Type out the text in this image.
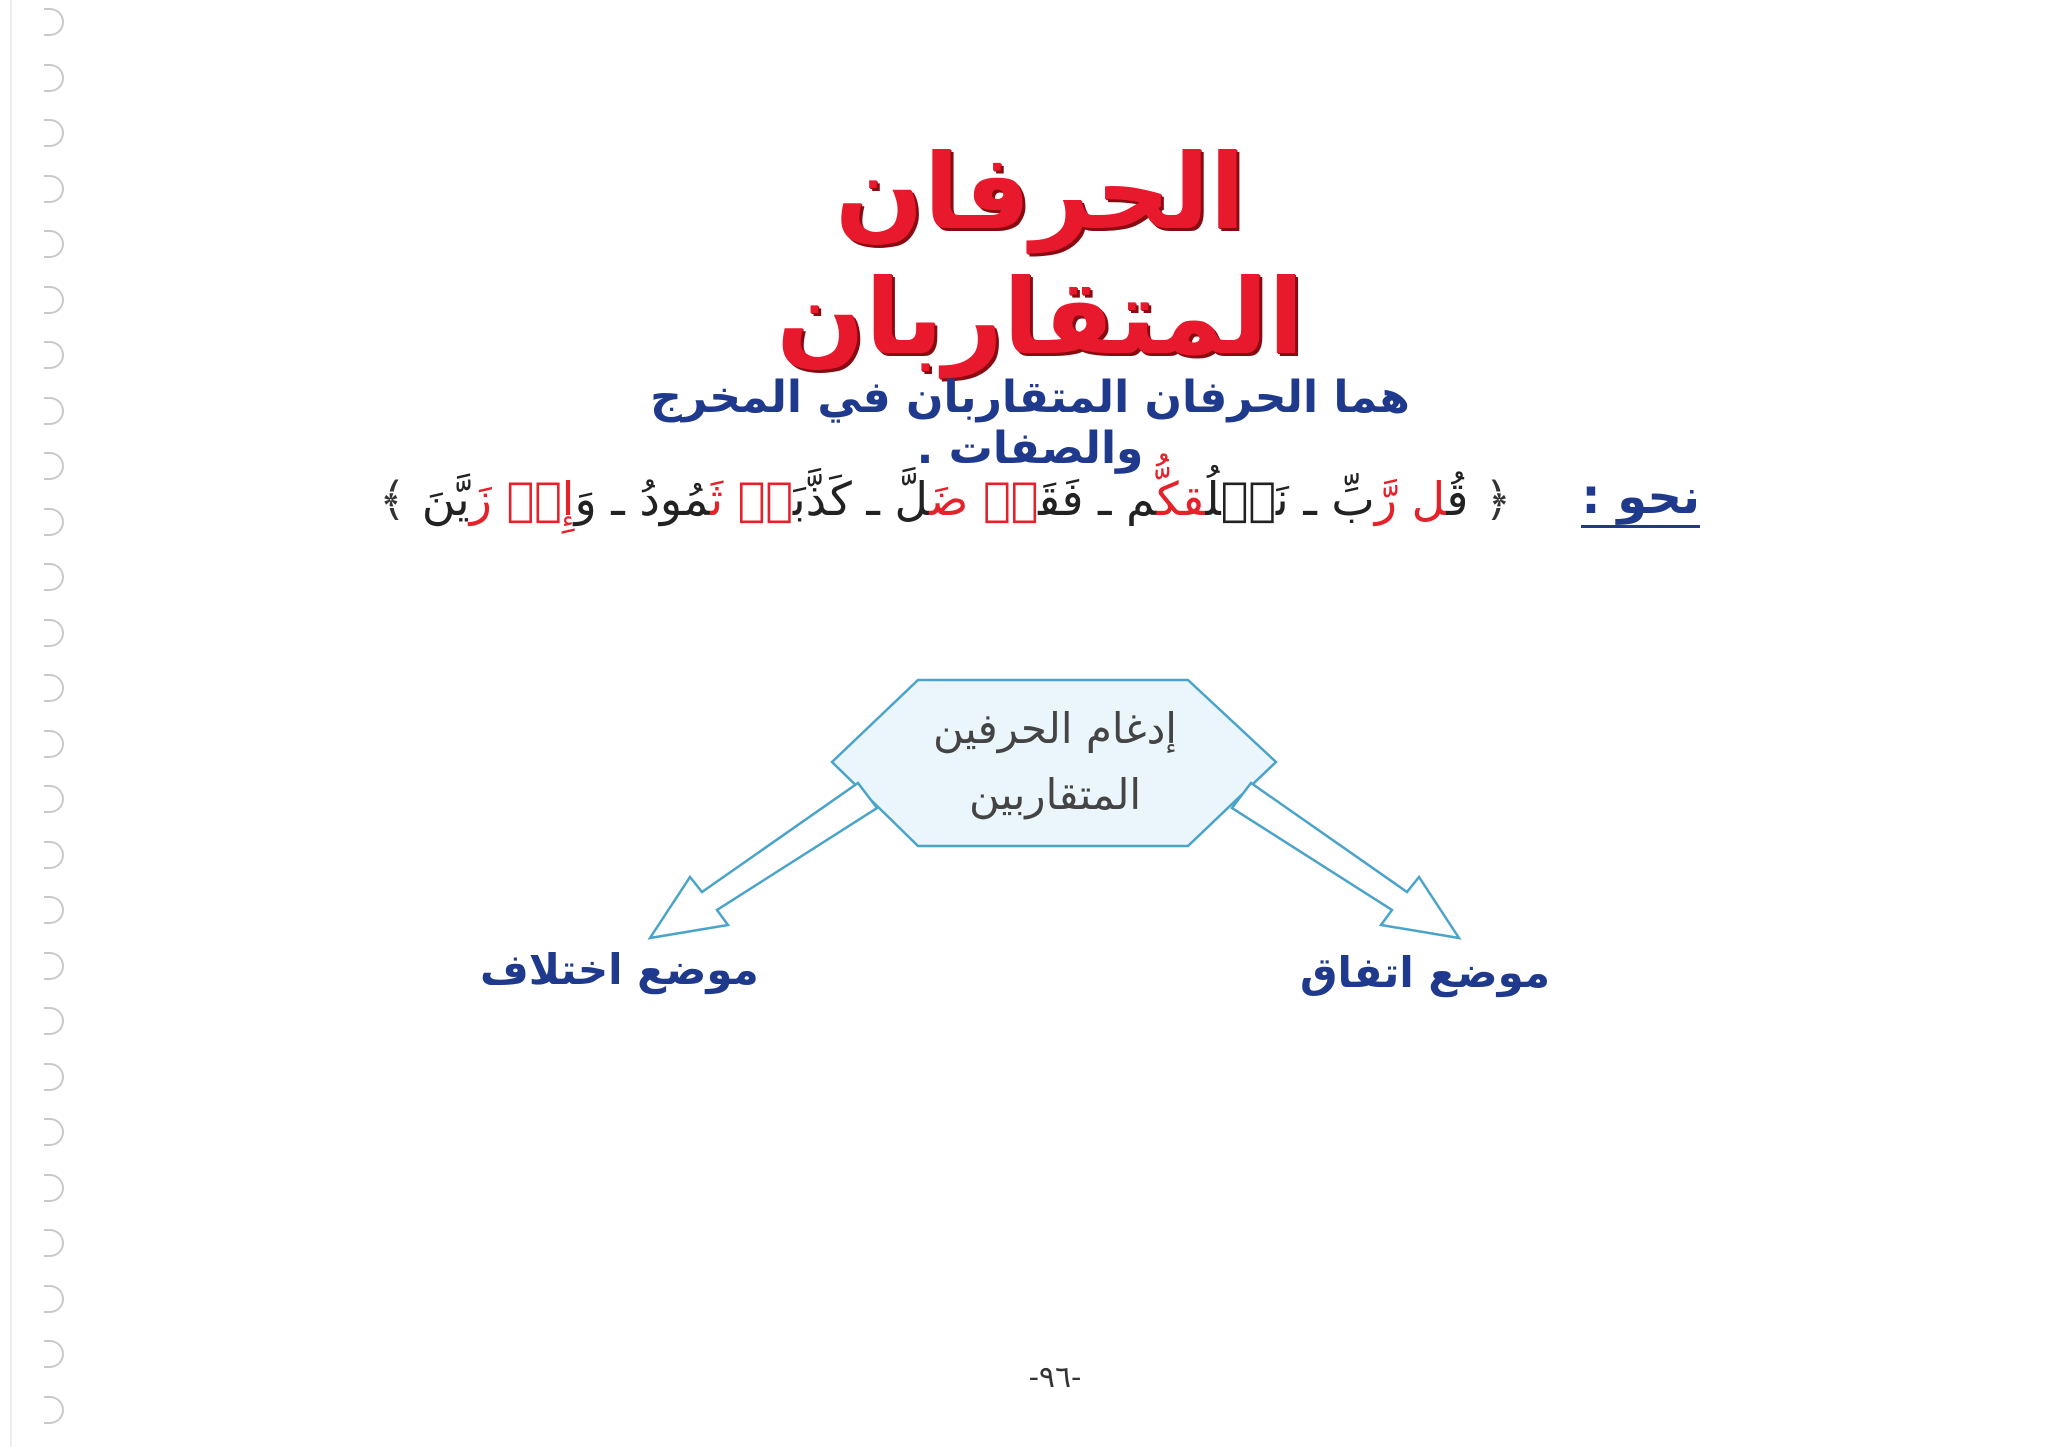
الحرفان المتقاربان
هما الحرفان المتقاربان في المخرج والصفات .
نحو :
﴿
قُل رَّبِّ ـ نَخۡلُقكُّم ـ فَقَدۡ ضَلَّ ـ كَذَّبَتۡ ثَمُودُ ـ وَإِذۡ زَيَّنَ
﴾
إدغام الحرفين
المتقاربين
موضع اختلاف	موضع اتفاق
-٩٦-
